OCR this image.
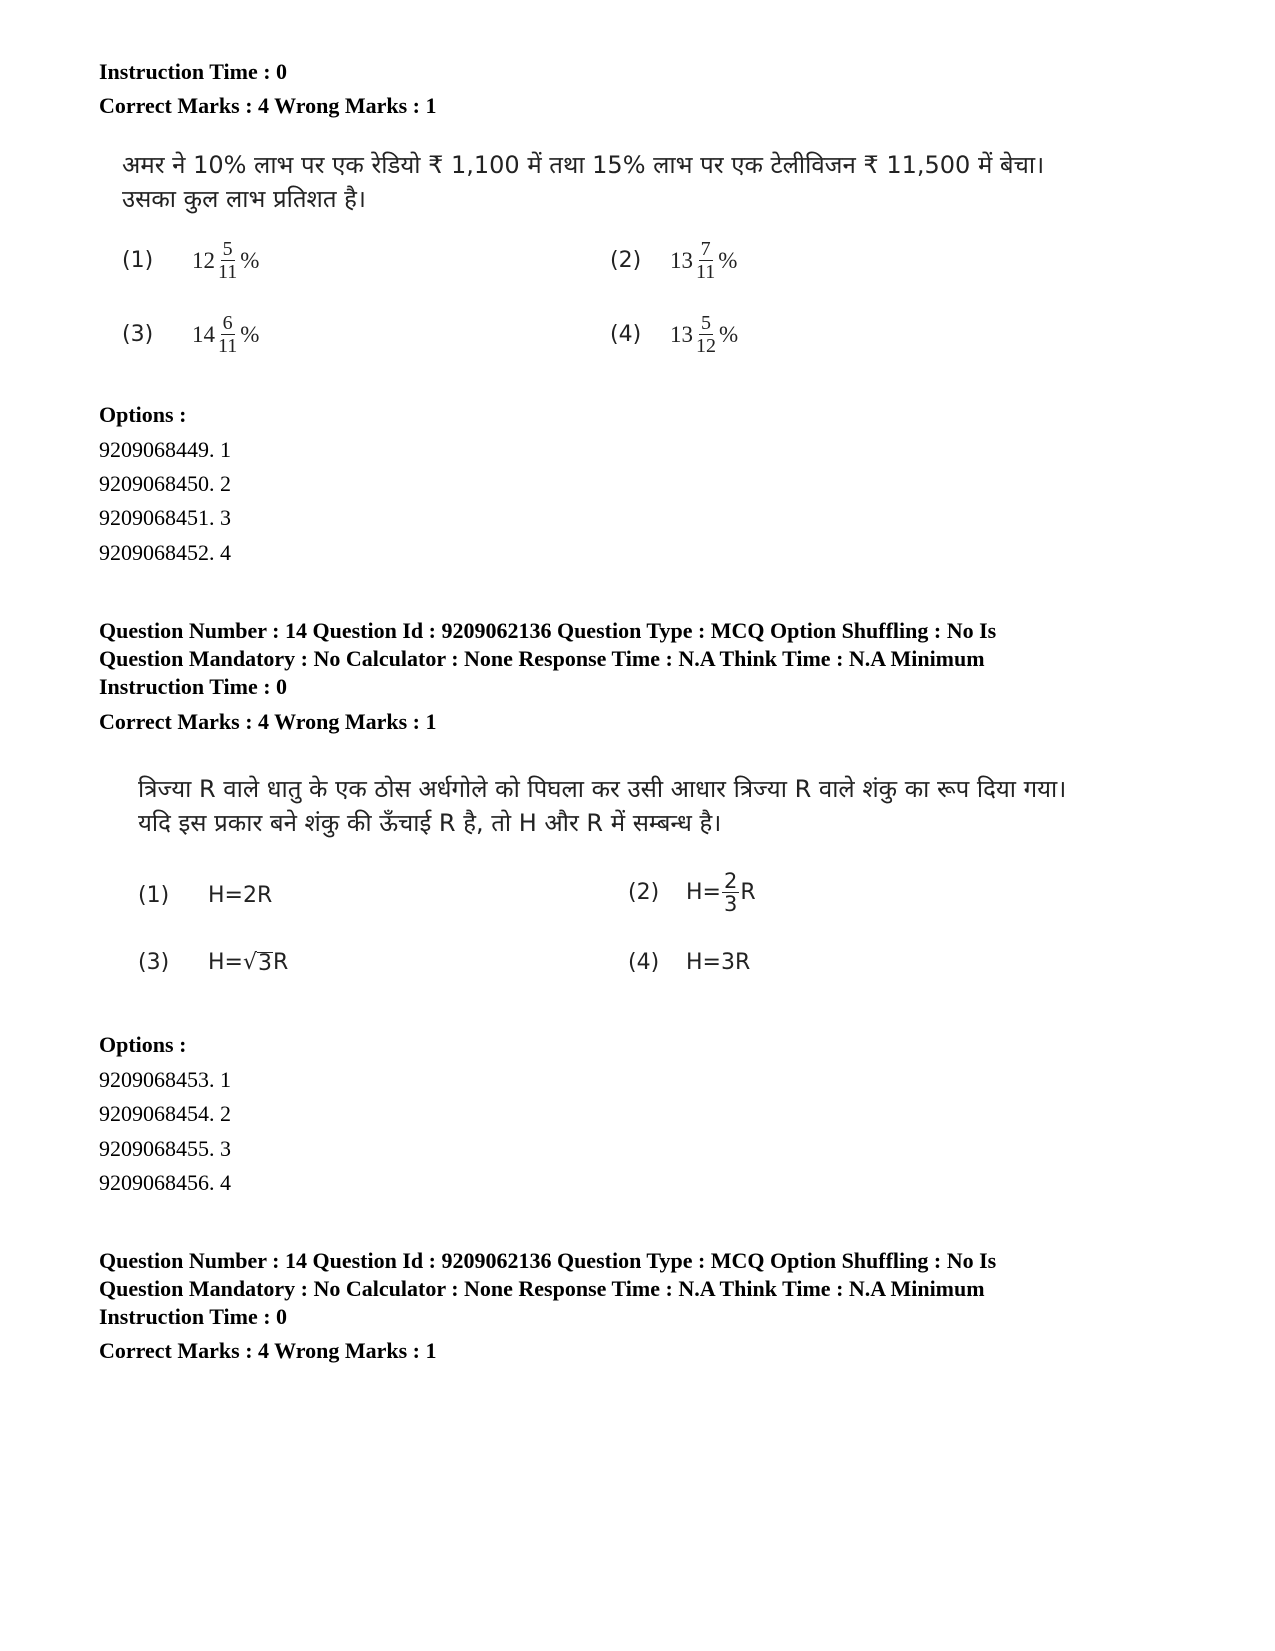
Instruction Time : 0
Correct Marks : 4 Wrong Marks : 1
अमर ने 10% लाभ पर एक रेडियो ₹ 1,100 में तथा 15% लाभ पर एक टेलीविजन ₹ 11,500 में बेचा।
उसका कुल लाभ प्रतिशत है।
(1)	$12 \frac{5}{11}$ %	(2)	$13 \frac{7}{11}$ %
(3)	$14 \frac{6}{11}$ %	(4)	$13 \frac{5}{12}$ %
Options :
9209068449. 1
9209068450. 2
9209068451. 3
9209068452. 4
Question Number : 14 Question Id : 9209062136 Question Type : MCQ Option Shuffling : No Is
Question Mandatory : No Calculator : None Response Time : N.A Think Time : N.A Minimum
Instruction Time : 0
Correct Marks : 4 Wrong Marks : 1
त्रिज्या R वाले धातु के एक ठोस अर्धगोले को पिघला कर उसी आधार त्रिज्या R वाले शंकु का रूप दिया गया।
यदि इस प्रकार बने शंकु की ऊँचाई R है, तो H और R में सम्बन्ध है।
(1)	H=2R	(2)	$H= \frac{2}{3}$ R
(3)	H= √ 3 R	(4)	H=3R
Options :
9209068453. 1
9209068454. 2
9209068455. 3
9209068456. 4
Question Number : 14 Question Id : 9209062136 Question Type : MCQ Option Shuffling : No Is
Question Mandatory : No Calculator : None Response Time : N.A Think Time : N.A Minimum
Instruction Time : 0
Correct Marks : 4 Wrong Marks : 1
